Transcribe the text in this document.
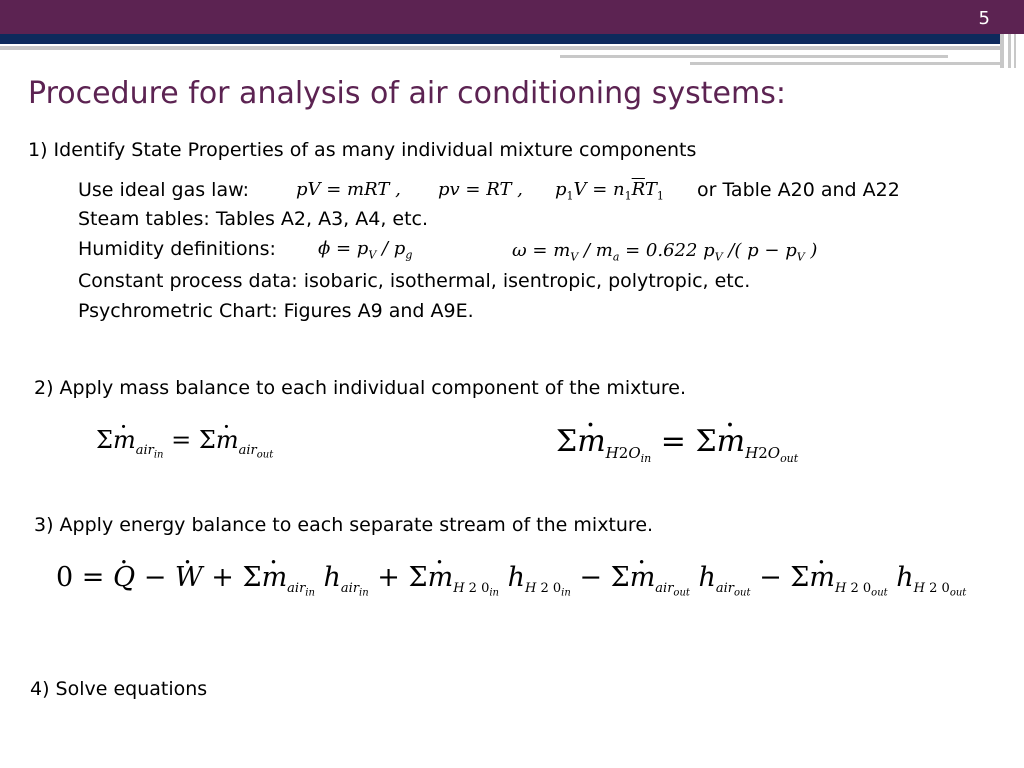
5
Procedure for analysis of air conditioning systems:
1) Identify State Properties of as many individual mixture components
Use ideal gas law:	pV = mRT , pv = RT , $p_1V = n_1\overline{R}T_1$ or Table A20 and A22
Steam tables: Tables A2, A3, A4, etc.
Humidity definitions: $\phi = p_V / p_g$	$\omega = m_V / m_a = 0.622$ $p_V$ /( $p - p_V$ )
Constant process data: isobaric, isothermal, isentropic, polytropic, etc.
Psychrometric Chart: Figures A9 and A9E.
2) Apply mass balance to each individual component of the mixture.
$\Sigma\cdot m_{air_{in}} = \Sigma\cdot m_{air_{out}}$	$\Sigma\cdot m_{H2O_{in}} = \Sigma\cdot m_{H2O_{out}}$
3) Apply energy balance to each separate stream of the mixture.
0 = · Q − · $W + \Sigma\cdot m_{air_{in}}$ $h_{air_{in}} + \Sigma\cdot m_{H 2 0_{in}}$ $h_{H 2 0_{in}} - \Sigma\cdot m_{air_{out}}$ $h_{air_{out}} - \Sigma\cdot m_{H 2 0_{out}}$ $h_{H 2 0_{out}}$
4) Solve equations
